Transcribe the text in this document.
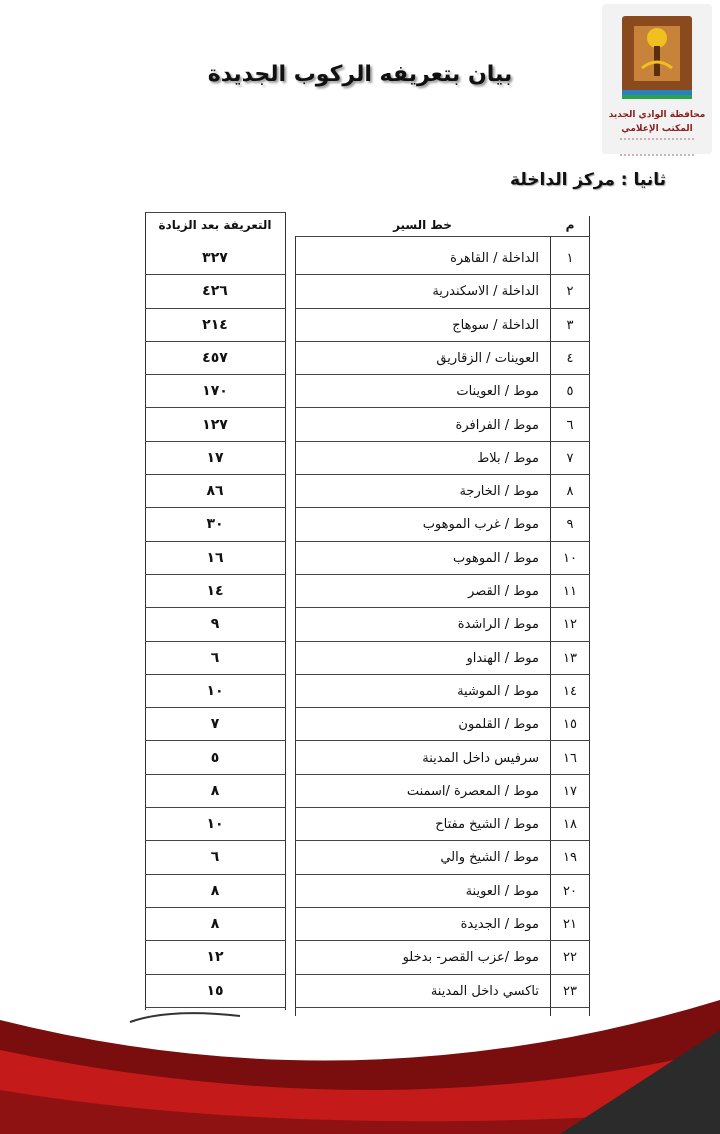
بيان بتعريفه الركوب الجديدة
محافظة الوادي الجديد
المكتب الإعلامي
ثانيا : مركز الداخلة
التعريفة بعد الزيادة	خط السير	م
١
الداخلة / القاهرة
٣٢٧
٢
الداخلة / الاسكندرية
٤٢٦
٣
الداخلة / سوهاج
٢١٤
٤
العوينات / الزقاريق
٤٥٧
٥
موط / العوينات
١٧٠
٦
موط / الفرافرة
١٢٧
٧
موط / بلاط
١٧
٨
موط / الخارجة
٨٦
٩
موط / غرب الموهوب
٣٠
١٠
موط / الموهوب
١٦
١١
موط / القصر
١٤
١٢
موط / الراشدة
٩
١٣
موط / الهنداو
٦
١٤
موط / الموشية
١٠
١٥
موط / القلمون
٧
١٦
سرفيس داخل المدينة
٥
١٧
موط / المعصرة /اسمنت
٨
١٨
موط / الشيخ مفتاح
١٠
١٩
موط / الشيخ والي
٦
٢٠
موط / العوينة
٨
٢١
موط / الجديدة
٨
٢٢
موط /عزب القصر- بدخلو
١٢
٢٣
تاكسي داخل المدينة
١٥
